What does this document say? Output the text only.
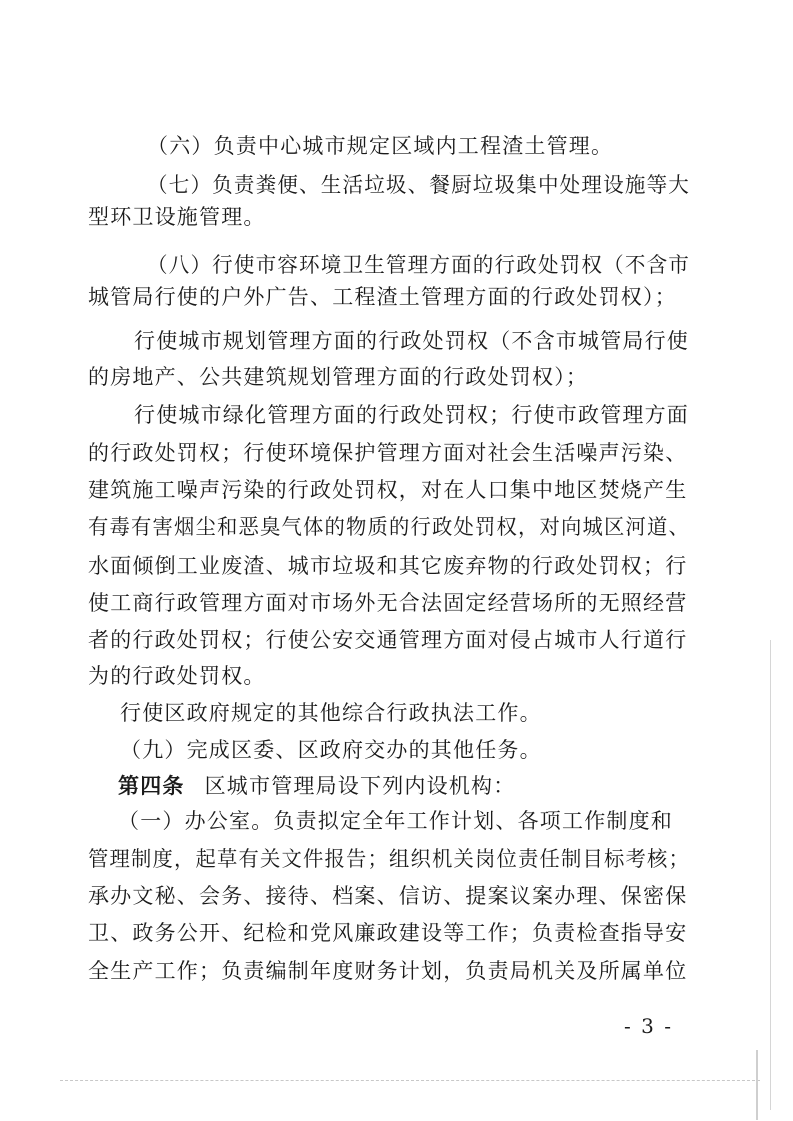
（六）负责中心城市规定区域内工程渣土管理。
（七）负责粪便、生活垃圾、餐厨垃圾集中处理设施等大
型环卫设施管理。
（八）行使市容环境卫生管理方面的行政处罚权（不含市
城管局行使的户外广告、工程渣土管理方面的行政处罚权）；
行使城市规划管理方面的行政处罚权（不含市城管局行使
的房地产、公共建筑规划管理方面的行政处罚权）；
行使城市绿化管理方面的行政处罚权；行使市政管理方面
的行政处罚权；行使环境保护管理方面对社会生活噪声污染、
建筑施工噪声污染的行政处罚权，对在人口集中地区焚烧产生
有毒有害烟尘和恶臭气体的物质的行政处罚权，对向城区河道、
水面倾倒工业废渣、城市垃圾和其它废弃物的行政处罚权；行
使工商行政管理方面对市场外无合法固定经营场所的无照经营
者的行政处罚权；行使公安交通管理方面对侵占城市人行道行
为的行政处罚权。
行使区政府规定的其他综合行政执法工作。
（九）完成区委、区政府交办的其他任务。
第四条 区城市管理局设下列内设机构：
（一）办公室。负责拟定全年工作计划、各项工作制度和
管理制度，起草有关文件报告；组织机关岗位责任制目标考核；
承办文秘、会务、接待、档案、信访、提案议案办理、保密保
卫、政务公开、纪检和党风廉政建设等工作；负责检查指导安
全生产工作；负责编制年度财务计划，负责局机关及所属单位
- 3 -
